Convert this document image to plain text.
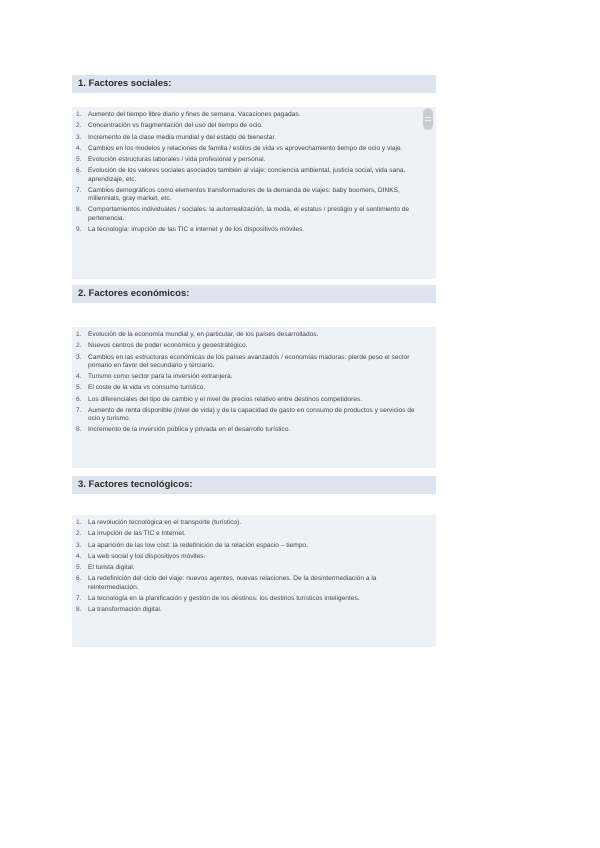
1. Factores sociales:
1. Aumento del tiempo libre diario y fines de semana. Vacaciones pagadas.
2. Concentración vs fragmentación del uso del tiempo de ocio.
3. Incremento de la clase media mundial y del estado de bienestar.
4. Cambios en los modelos y relaciones de familia / estilos de vida vs aprovechamiento tiempo de ocio y viaje.
5. Evolución estructuras laborales / vida profesional y personal.
6. Evolución de los valores sociales asociados también al viaje: conciencia ambiental, justicia social, vida sana, aprendizaje, etc.
7. Cambios demográficos como elementos transformadores de la demanda de viajes: baby boomers, DINKS, millennials, gray market, etc.
8. Comportamientos individuales / sociales: la autorrealización, la moda, el estatus / prestigio y el sentimiento de pertenencia.
9. La tecnología: irrupción de las TIC e internet y de los dispositivos móviles.
2. Factores económicos:
1. Evolución de la economía mundial y, en particular, de los países desarrollados.
2. Nuevos centros de poder económico y geoestratégico.
3. Cambios en las estructuras económicas de los países avanzados / economías maduras: pierde peso el sector primario en favor del secundario y terciario.
4. Turismo como sector para la inversión extranjera.
5. El coste de la vida vs consumo turístico.
6. Los diferenciales del tipo de cambio y el nivel de precios relativo entre destinos competidores.
7. Aumento de renta disponible (nivel de vida) y de la capacidad de gasto en consumo de productos y servicios de ocio y turismo.
8. Incremento de la inversión pública y privada en el desarrollo turístico.
3. Factores tecnológicos:
1. La revolución tecnológica en el transporte (turístico).
2. La irrupción de las TIC e Internet.
3. La aparición de las low cost: la redefinición de la relación espacio – tiempo.
4. La web social y los dispositivos móviles.
5. El turista digital.
6. La redefinición del ciclo del viaje: nuevos agentes, nuevas relaciones. De la desintermediación a la reintermediación.
7. La tecnología en la planificación y gestión de los destinos: los destinos turísticos inteligentes.
8. La transformación digital.
